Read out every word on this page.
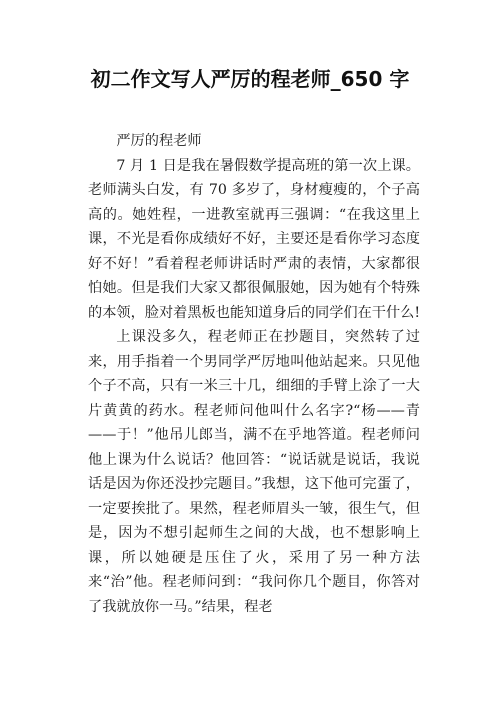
初二作文写人严厉的程老师_650 字

严厉的程老师

7 月 1 日是我在暑假数学提高班的第一次上课。老师满头白发，有 70 多岁了，身材瘦瘦的，个子高高的。她姓程，一进教室就再三强调：“在我这里上课，不光是看你成绩好不好，主要还是看你学习态度好不好！”看着程老师讲话时严肃的表情，大家都很怕她。但是我们大家又都很佩服她，因为她有个特殊的本领，脸对着黑板也能知道身后的同学们在干什么!

上课没多久，程老师正在抄题目，突然转了过来，用手指着一个男同学严厉地叫他站起来。只见他个子不高，只有一米三十几，细细的手臂上涂了一大片黄黄的药水。程老师问他叫什么名字?“杨——青——于！”他吊儿郎当，满不在乎地答道。程老师问他上课为什么说话？他回答：“说话就是说话，我说话是因为你还没抄完题目。”我想，这下他可完蛋了，一定要挨批了。果然，程老师眉头一皱，很生气，但是，因为不想引起师生之间的大战，也不想影响上课，所以她硬是压住了火，采用了另一种方法来“治”他。程老师问到：“我问你几个题目，你答对了我就放你一马。”结果，程老
